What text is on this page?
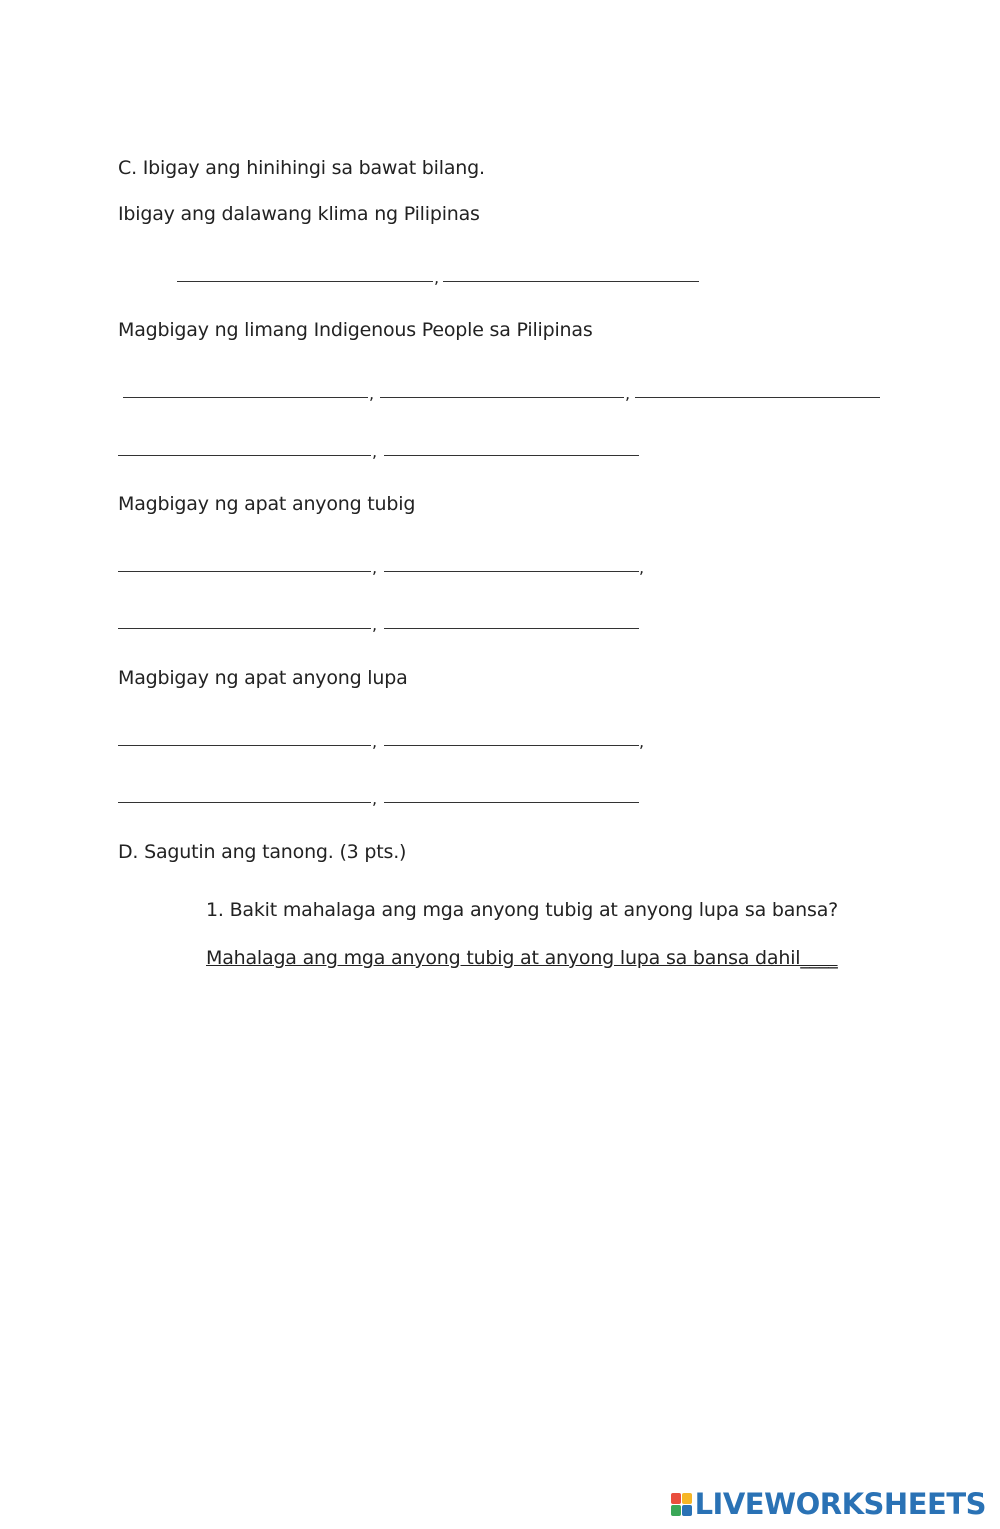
C. Ibigay ang hinihingi sa bawat bilang.
Ibigay ang dalawang klima ng Pilipinas
,
Magbigay ng limang Indigenous People sa Pilipinas
,	,
,
Magbigay ng apat anyong tubig
,	,
,
Magbigay ng apat anyong lupa
,	,
,
D. Sagutin ang tanong. (3 pts.)
1. Bakit mahalaga ang mga anyong tubig at anyong lupa sa bansa?
Mahalaga ang mga anyong tubig at anyong lupa sa bansa dahil____
LIVEWORKSHEETS
